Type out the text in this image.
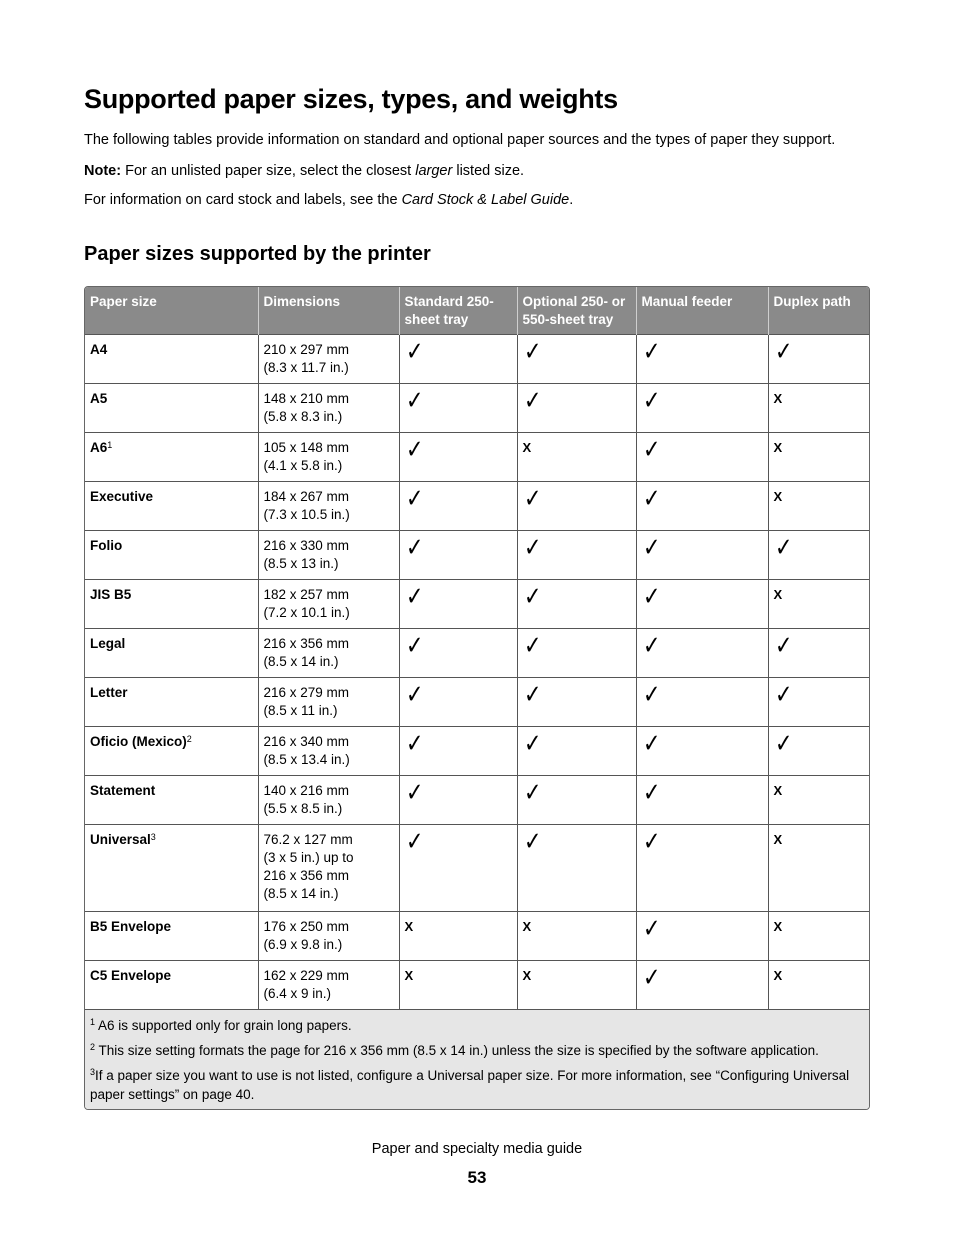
Supported paper sizes, types, and weights

The following tables provide information on standard and optional paper sources and the types of paper they support.

Note: For an unlisted paper size, select the closest larger listed size.

For information on card stock and labels, see the Card Stock & Label Guide.

Paper sizes supported by the printer
Paper size	Dimensions	Standard 250-sheet tray	Optional 250- or 550-sheet tray	Manual feeder	Duplex path
A4	210 x 297 mm
(8.3 x 11.7 in.)	✓	✓	✓	✓
A5	148 x 210 mm
(5.8 x 8.3 in.)	✓	✓	✓	X
$A6^1$	105 x 148 mm
(4.1 x 5.8 in.)	✓	X	✓	X
Executive	184 x 267 mm
(7.3 x 10.5 in.)	✓	✓	✓	X
Folio	216 x 330 mm
(8.5 x 13 in.)	✓	✓	✓	✓
JIS B5	182 x 257 mm
(7.2 x 10.1 in.)	✓	✓	✓	X
Legal	216 x 356 mm
(8.5 x 14 in.)	✓	✓	✓	✓
Letter	216 x 279 mm
(8.5 x 11 in.)	✓	✓	✓	✓
Oficio (Mexico)$^2$	216 x 340 mm
(8.5 x 13.4 in.)	✓	✓	✓	✓
Statement	140 x 216 mm
(5.5 x 8.5 in.)	✓	✓	✓	X
Universal$^3$	76.2 x 127 mm
(3 x 5 in.) up to
216 x 356 mm
(8.5 x 14 in.)	✓	✓	✓	X
B5 Envelope	176 x 250 mm
(6.9 x 9.8 in.)	X	X	✓	X
C5 Envelope	162 x 229 mm
(6.4 x 9 in.)	X	X	✓	X

$^1$ A6 is supported only for grain long papers.

$^2$ This size setting formats the page for 216 x 356 mm (8.5 x 14 in.) unless the size is specified by the software application.

$^3$If a paper size you want to use is not listed, configure a Universal paper size. For more information, see “Configuring Universal paper settings” on page 40.					

Paper and specialty media guide

53
